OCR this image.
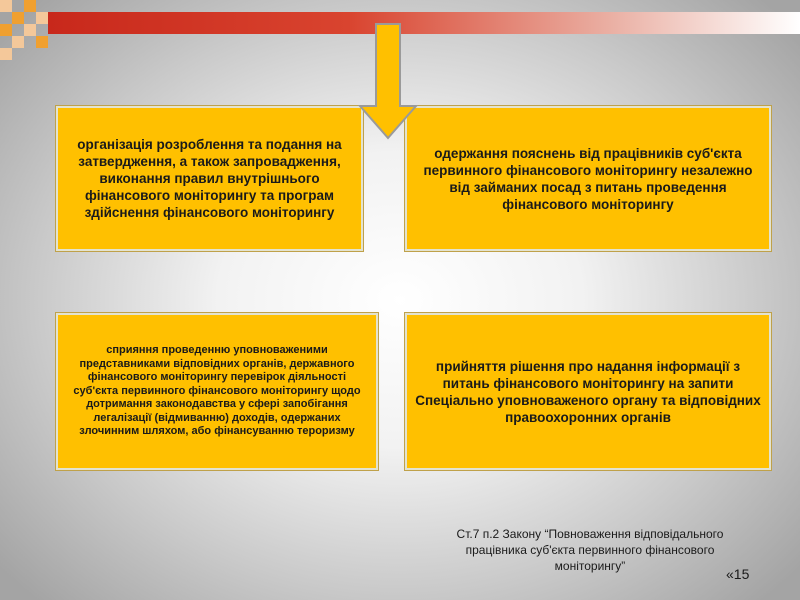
організація розроблення та подання на затвердження, а також запровадження, виконання правил внутрішнього фінансового моніторингу та програм здійснення фінансового моніторингу
одержання пояснень від працівників суб'єкта первинного фінансового моніторингу незалежно від займаних посад з питань проведення фінансового моніторингу
сприяння проведенню уповноваженими представниками відповідних органів, державного фінансового моніторингу перевірок діяльності суб'єкта первинного фінансового моніторингу щодо дотримання законодавства у сфері запобігання легалізації (відмиванню) доходів, одержаних злочинним шляхом, або фінансуванню тероризму
прийняття рішення про надання інформації з питань фінансового моніторингу на запити Спеціально уповноваженого органу та відповідних правоохоронних органів
Ст.7 п.2 Закону “Повноваження відповідального працівника суб'єкта первинного фінансового моніторингу”	«15
